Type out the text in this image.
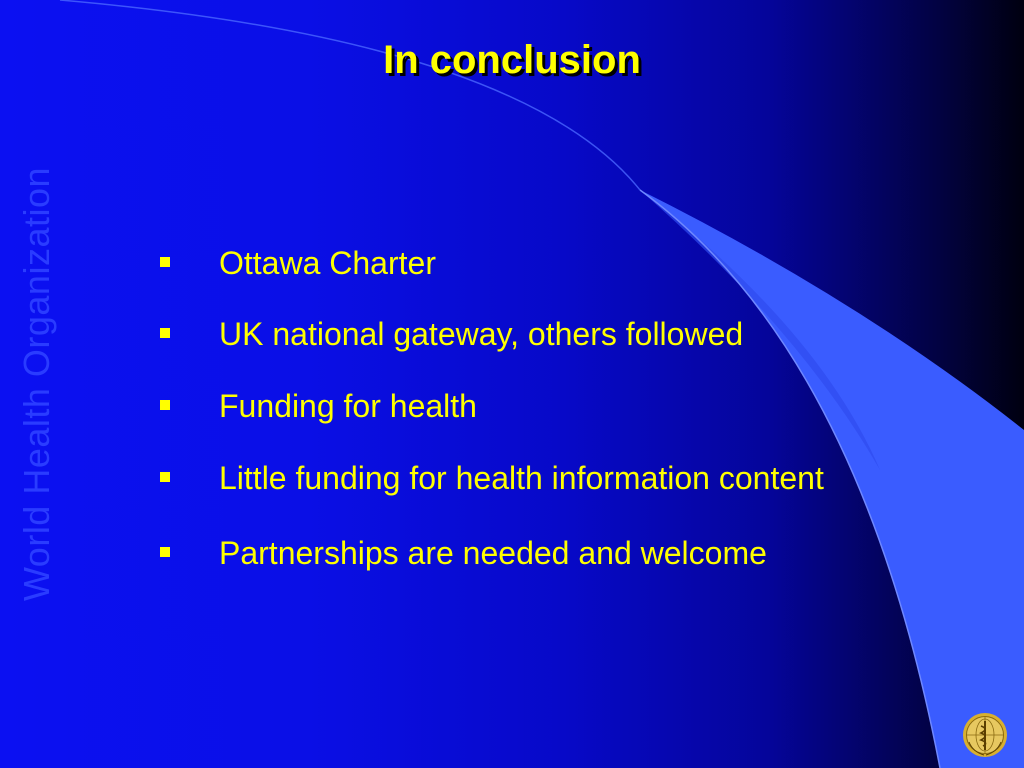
World Health Organization
In conclusion
Ottawa Charter
UK national gateway, others followed
Funding for health
Little funding for health information content
Partnerships are needed and welcome
